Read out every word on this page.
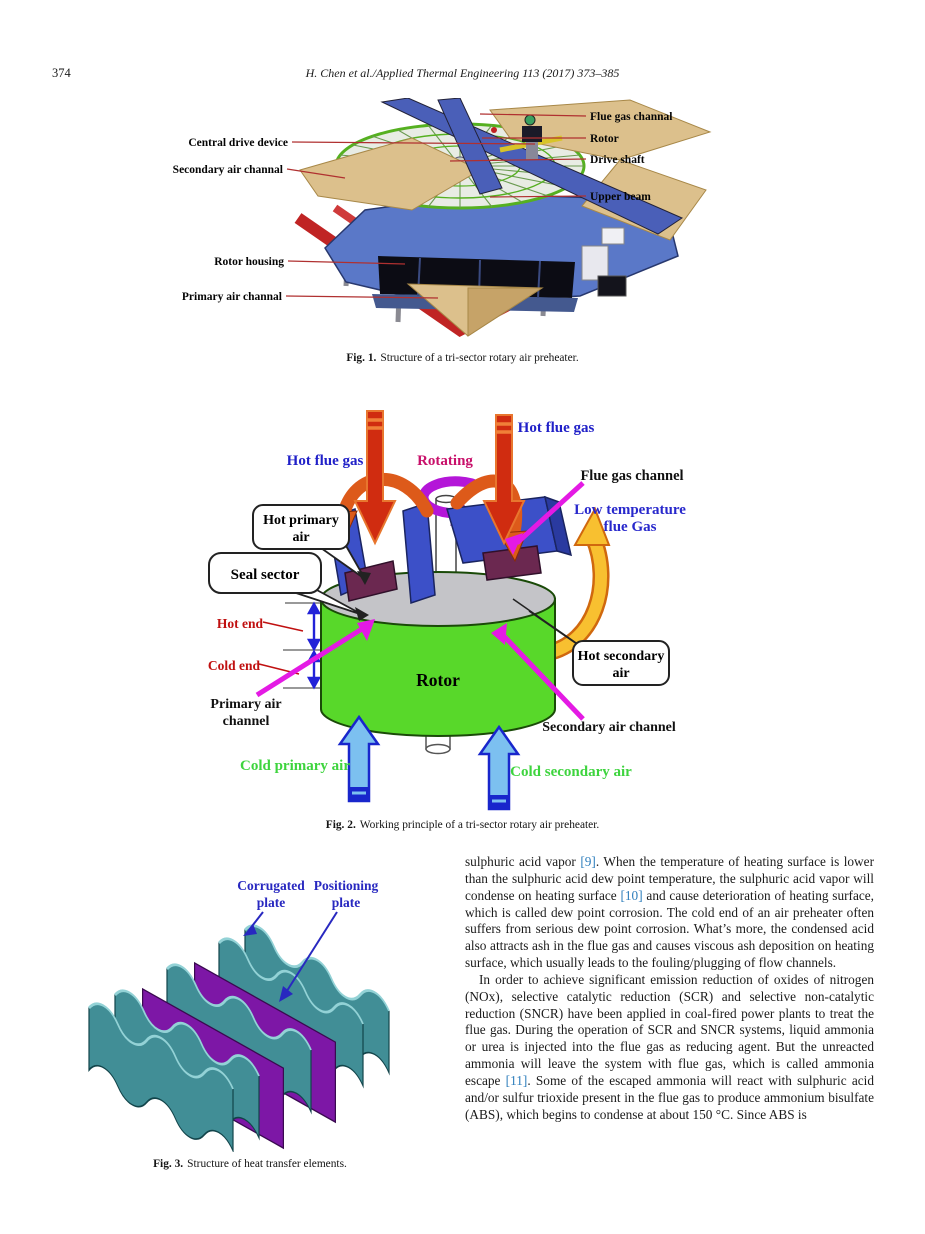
374	H. Chen et al./Applied Thermal Engineering 113 (2017) 373–385
Central drive device
Secondary air channal
Rotor housing
Primary air channal
Flue gas channal
Rotor
Drive shaft
Upper beam
Fig. 1. Structure of a tri-sector rotary air preheater.
Rotor
Hot primary
air
Seal sector
Hot secondary
air
Hot flue gas	Rotating
Hot flue gas
Flue gas channel
Low temperature
flue Gas
Hot end
Cold end
Primary air
channel	Secondary air channel
Cold primary air	Cold secondary air
Fig. 2. Working principle of a tri-sector rotary air preheater.
Corrugated
plate
Positioning
plate
Fig. 3. Structure of heat transfer elements.

sulphuric acid vapor [9]. When the temperature of heating surface is lower than the sulphuric acid dew point temperature, the sulphuric acid vapor will condense on heating surface [10] and cause deterioration of heating surface, which is called dew point corrosion. The cold end of an air preheater often suffers from serious dew point corrosion. What’s more, the condensed acid also attracts ash in the flue gas and causes viscous ash deposition on heating surface, which usually leads to the fouling/plugging of flow channels.

In order to achieve significant emission reduction of oxides of nitrogen (NOx), selective catalytic reduction (SCR) and selective non-catalytic reduction (SNCR) have been applied in coal-fired power plants to treat the flue gas. During the operation of SCR and SNCR systems, liquid ammonia or urea is injected into the flue gas as reducing agent. But the unreacted ammonia will leave the system with flue gas, which is called ammonia escape [11]. Some of the escaped ammonia will react with sulphuric acid and/or sulfur trioxide present in the flue gas to produce ammonium bisulfate (ABS), which begins to condense at about 150 °C. Since ABS is
